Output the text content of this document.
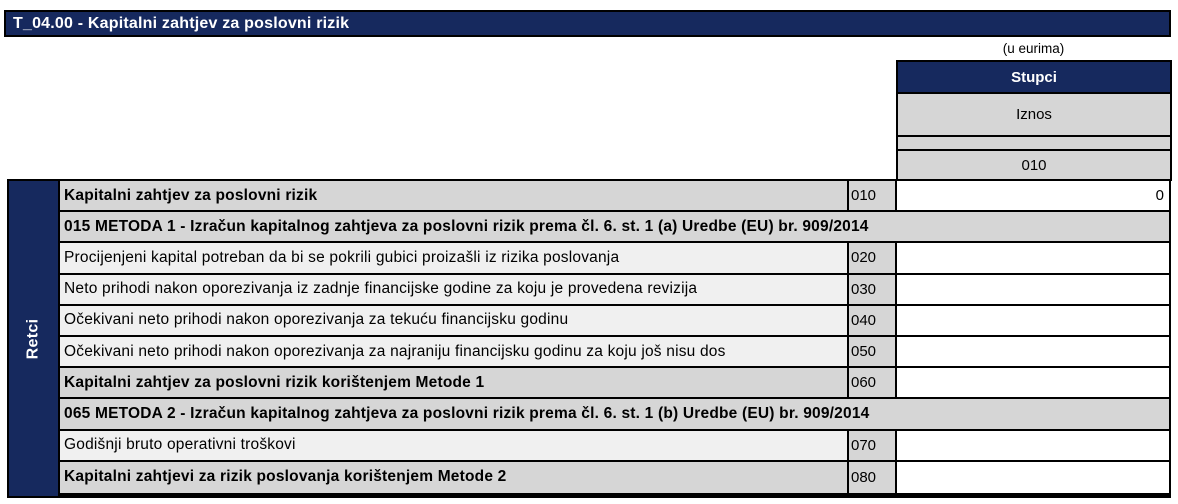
T_04.00 - Kapitalni zahtjev za poslovni rizik
(u eurima)
Stupci
Iznos
010
Retci
Kapitalni zahtjev za poslovni rizik	010	0
015 METODA 1 - Izračun kapitalnog zahtjeva za poslovni rizik prema čl. 6. st. 1 (a) Uredbe (EU) br. 909/2014
Procijenjeni kapital potreban da bi se pokrili gubici proizašli iz rizika poslovanja	020
Neto prihodi nakon oporezivanja iz zadnje financijske godine za koju je provedena revizija	030
Očekivani neto prihodi nakon oporezivanja za tekuću financijsku godinu	040
Očekivani neto prihodi nakon oporezivanja za najraniju financijsku godinu za koju još nisu dos	050
Kapitalni zahtjev za poslovni rizik korištenjem Metode 1	060
065 METODA 2 - Izračun kapitalnog zahtjeva za poslovni rizik prema čl. 6. st. 1 (b) Uredbe (EU) br. 909/2014
Godišnji bruto operativni troškovi	070
Kapitalni zahtjevi za rizik poslovanja korištenjem Metode 2	080
